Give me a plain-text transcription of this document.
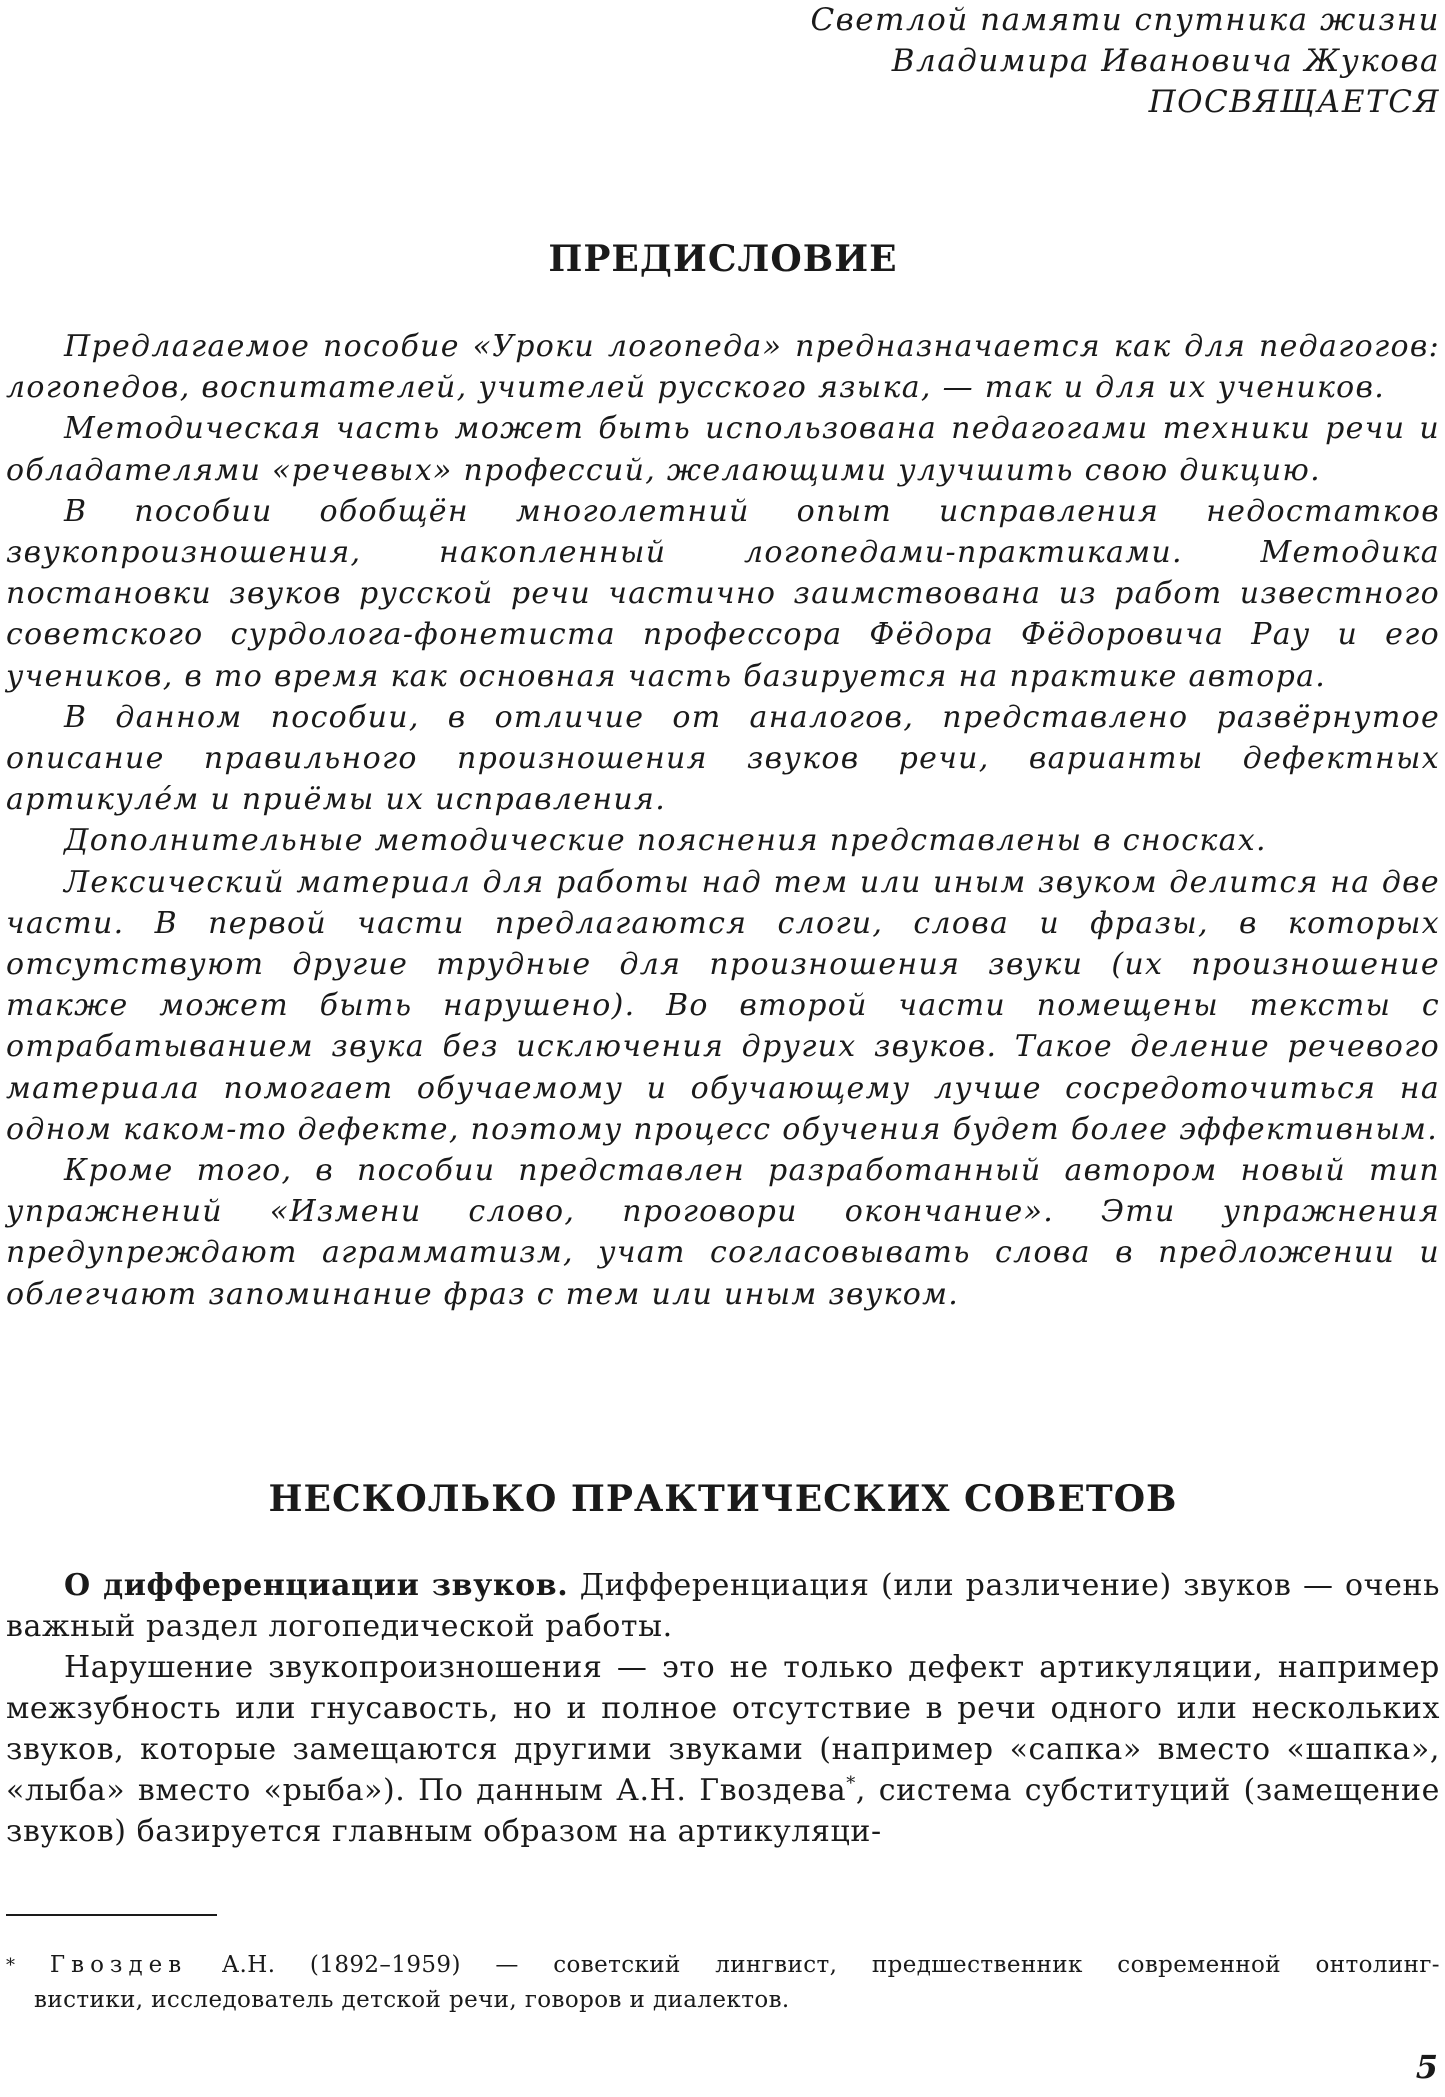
Светлой памяти спутника жизни
Владимира Ивановича Жукова
ПОСВЯЩАЕТСЯ
ПРЕДИСЛОВИЕ

Предлагаемое пособие «Уроки логопеда» предназначается как для педагогов: логопедов, воспитателей, учителей русского языка, — так и для их учеников.

Методическая часть может быть использована педагогами техники речи и обладателями «речевых» профессий, желающими улучшить свою дикцию.

В пособии обобщён многолетний опыт исправления недостатков звукопроизношения, накопленный логопедами-практиками. Методика постановки звуков русской речи частично заимствована из работ известного советского сурдолога-фонетиста профессора Фёдора Фёдоровича Рау и его учеников, в то время как основная часть базируется на практике автора.

В данном пособии, в отличие от аналогов, представлено развёрнутое описание правильного произношения звуков речи, варианты дефектных артикулéм и приёмы их исправления.

Дополнительные методические пояснения представлены в сносках.

Лексический материал для работы над тем или иным звуком делится на две части. В первой части предлагаются слоги, слова и фразы, в которых отсутствуют другие трудные для произношения звуки (их произношение также может быть нарушено). Во второй части помещены тексты с отрабатыванием звука без исключения других звуков. Такое деление речевого материала помогает обучаемому и обучающему лучше сосредоточиться на одном каком-то дефекте, поэтому процесс обучения будет более эффективным.

Кроме того, в пособии представлен разработанный автором новый тип упражнений «Измени слово, проговори окончание». Эти упражнения предупреждают аграмматизм, учат согласовывать слова в предложении и облегчают запоминание фраз с тем или иным звуком.

НЕСКОЛЬКО ПРАКТИЧЕСКИХ СОВЕТОВ

О дифференциации звуков. Дифференциация (или различение) звуков — очень важный раздел логопедической работы.

Нарушение звукопроизношения — это не только дефект артикуляции, например межзубность или гнусавость, но и полное отсутствие в речи одного или нескольких звуков, которые замещаются другими звуками (например «сапка» вместо «шапка», «лыба» вместо «рыба»). По данным А.Н. Гвоздева*, система субституций (замещение звуков) базируется главным образом на артикуляци-

* Гвоздев А.Н. (1892–1959) — советский лингвист, предшественник современной онтолинг-
вистики, исследователь детской речи, говоров и диалектов.
5
